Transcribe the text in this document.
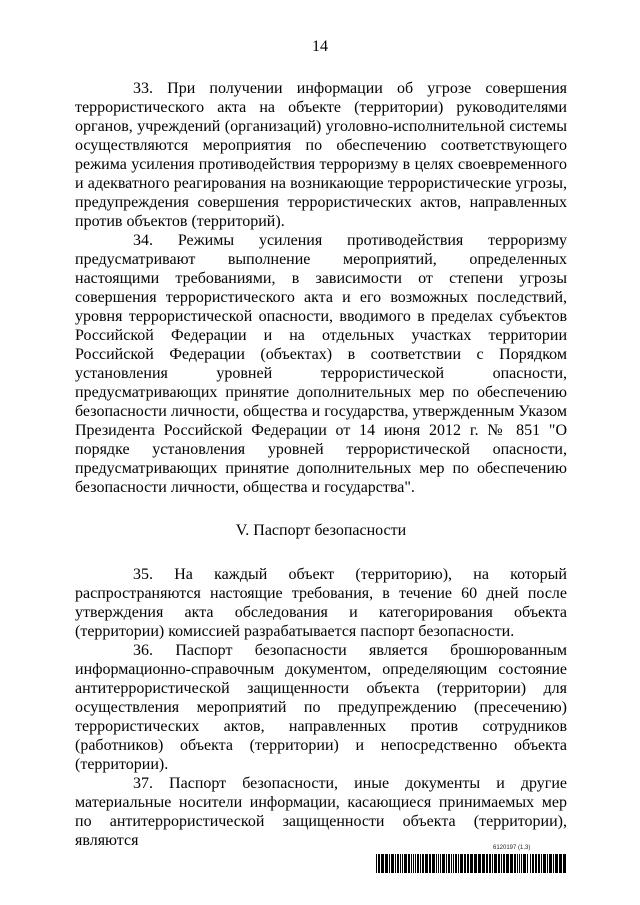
14

33. При получении информации об угрозе совершения террористического акта на объекте (территории) руководителями органов, учреждений (организаций) уголовно-исполнительной системы осуществляются мероприятия по обеспечению соответствующего режима усиления противодействия терроризму в целях своевременного и адекватного реагирования на возникающие террористические угрозы, предупреждения совершения террористических актов, направленных против объектов (территорий).

34. Режимы усиления противодействия терроризму предусматривают выполнение мероприятий, определенных настоящими требованиями, в зависимости от степени угрозы совершения террористического акта и его возможных последствий, уровня террористической опасности, вводимого в пределах субъектов Российской Федерации и на отдельных участках территории Российской Федерации (объектах) в соответствии с Порядком установления уровней террористической опасности, предусматривающих принятие дополнительных мер по обеспечению безопасности личности, общества и государства, утвержденным Указом Президента Российской Федерации от 14 июня 2012 г. № 851 "О порядке установления уровней террористической опасности, предусматривающих принятие дополнительных мер по обеспечению безопасности личности, общества и государства".

V. Паспорт безопасности

35. На каждый объект (территорию), на который распространяются настоящие требования, в течение 60 дней после утверждения акта обследования и категорирования объекта (территории) комиссией разрабатывается паспорт безопасности.

36. Паспорт безопасности является брошюрованным информационно-справочным документом, определяющим состояние антитеррористической защищенности объекта (территории) для осуществления мероприятий по предупреждению (пресечению) террористических актов, направленных против сотрудников (работников) объекта (территории) и непосредственно объекта (территории).

37. Паспорт безопасности, иные документы и другие материальные носители информации, касающиеся принимаемых мер по антитеррористической защищенности объекта (территории), являются	6120197 (1.3)
